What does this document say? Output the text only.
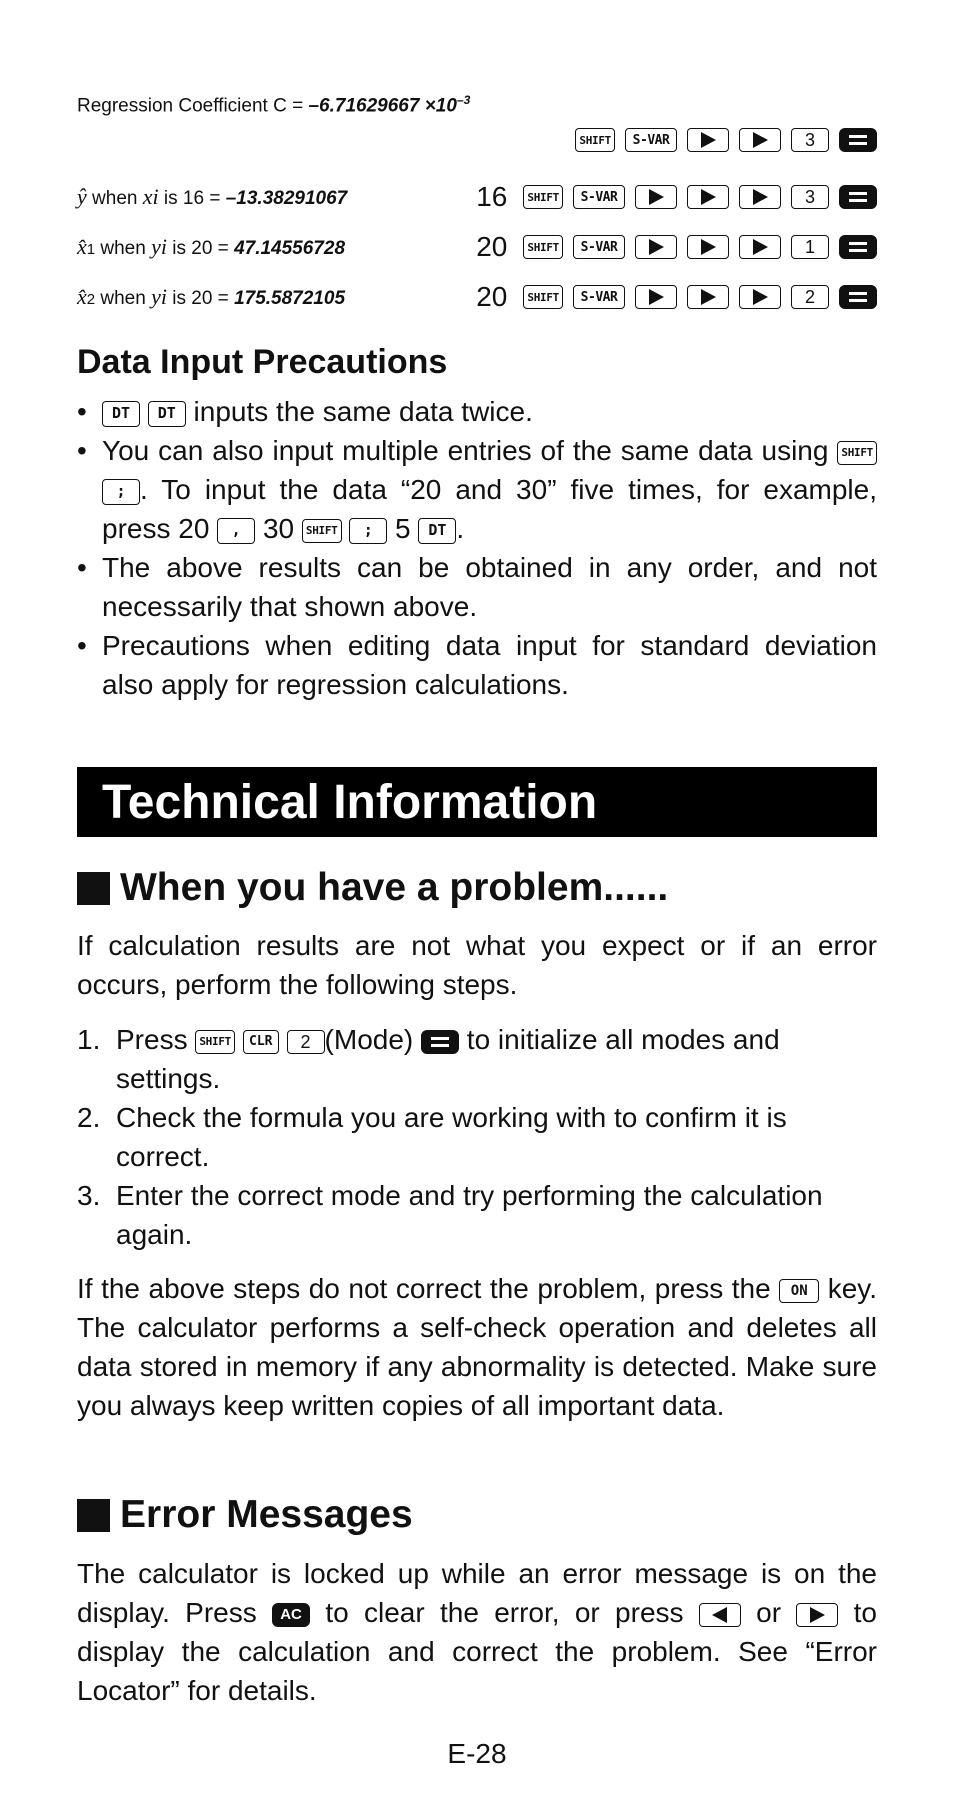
Regression Coefficient $C = -6.71629667 \times 10^{-3}$
SHIFT	S-VAR	3
ŷ when xi is 16 = –13.38291067	16	SHIFT	S-VAR	3
x̂1 when yi is 20 = 47.14556728	20	SHIFT	S-VAR	1
x̂2 when yi is 20 = 175.5872105	20	SHIFT	S-VAR	2
Data Input Precautions
• DT DT inputs the same data twice.
• You can also input multiple entries of the same data using SHIFT ; . To input the data “20 and 30” five times, for example, press 20 , 30 SHIFT ; 5 DT .
• The above results can be obtained in any order, and not necessarily that shown above.
• Precautions when editing data input for standard deviation also apply for regression calculations.
Technical Information
When you have a problem......

If calculation results are not what you expect or if an error occurs, perform the following steps.

1. Press SHIFT CLR 2 (Mode)
to initialize all modes and settings.
2. Check the formula you are working with to confirm it is correct.
3. Enter the correct mode and try performing the calculation again.

If the above steps do not correct the problem, press the ON key. The calculator performs a self-check operation and deletes all data stored in memory if any abnormality is detected. Make sure you always keep written copies of all important data.

Error Messages

The calculator is locked up while an error message is on the display. Press AC to clear the error, or press
or
to display the calculation and correct the problem. See “Error Locator” for details.

E-28
